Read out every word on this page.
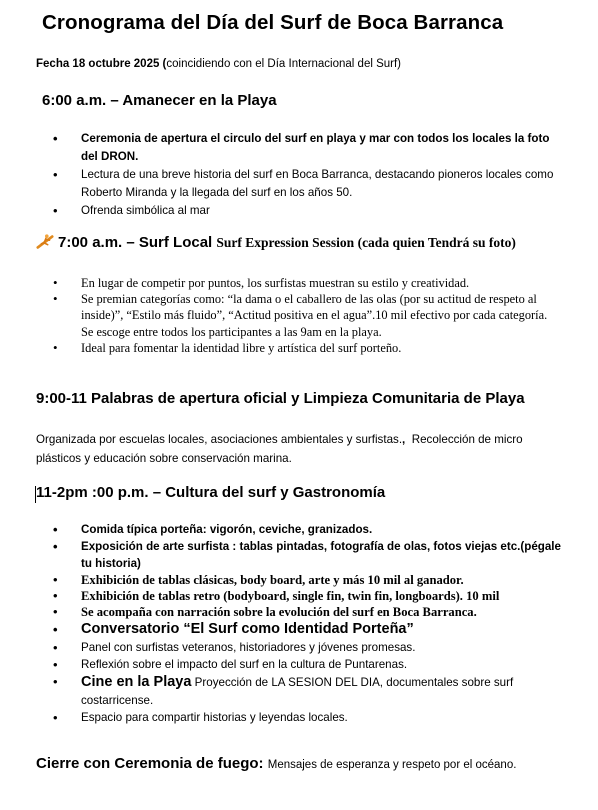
Cronograma del Día del Surf de Boca Barranca
Fecha 18 octubre 2025 (coincidiendo con el Día Internacional del Surf)
6:00 a.m. – Amanecer en la Playa
• Ceremonia de apertura el circulo del surf en playa y mar con todos los locales la foto del DRON.
• Lectura de una breve historia del surf en Boca Barranca, destacando pioneros locales como Roberto Miranda y la llegada del surf en los años 50.
• Ofrenda simbólica al mar
7:00 a.m. – Surf Local Surf Expression Session (cada quien Tendrá su foto)
• En lugar de competir por puntos, los surfistas muestran su estilo y creatividad.
• Se premian categorías como: “la dama o el caballero de las olas (por su actitud de respeto al inside)”, “Estilo más fluido”, “Actitud positiva en el agua”.10 mil efectivo por cada categoría. Se escoge entre todos los participantes a las 9am en la playa.
• Ideal para fomentar la identidad libre y artística del surf porteño.
9:00-11 Palabras de apertura oficial y Limpieza Comunitaria de Playa
Organizada por escuelas locales, asociaciones ambientales y surfistas., Recolección de micro plásticos y educación sobre conservación marina.
11-2pm :00 p.m. – Cultura del surf y Gastronomía
• Comida típica porteña: vigorón, ceviche, granizados.
• Exposición de arte surfista : tablas pintadas, fotografía de olas, fotos viejas etc.(pégale tu historia)
• Exhibición de tablas clásicas, body board, arte y más 10 mil al ganador.
• Exhibición de tablas retro (bodyboard, single fin, twin fin, longboards). 10 mil
• Se acompaña con narración sobre la evolución del surf en Boca Barranca.
• Conversatorio “El Surf como Identidad Porteña”
• Panel con surfistas veteranos, historiadores y jóvenes promesas.
• Reflexión sobre el impacto del surf en la cultura de Puntarenas.
• Cine en la Playa Proyección de LA SESION DEL DIA, documentales sobre surf costarricense.
• Espacio para compartir historias y leyendas locales.
Cierre con Ceremonia de fuego: Mensajes de esperanza y respeto por el océano.
